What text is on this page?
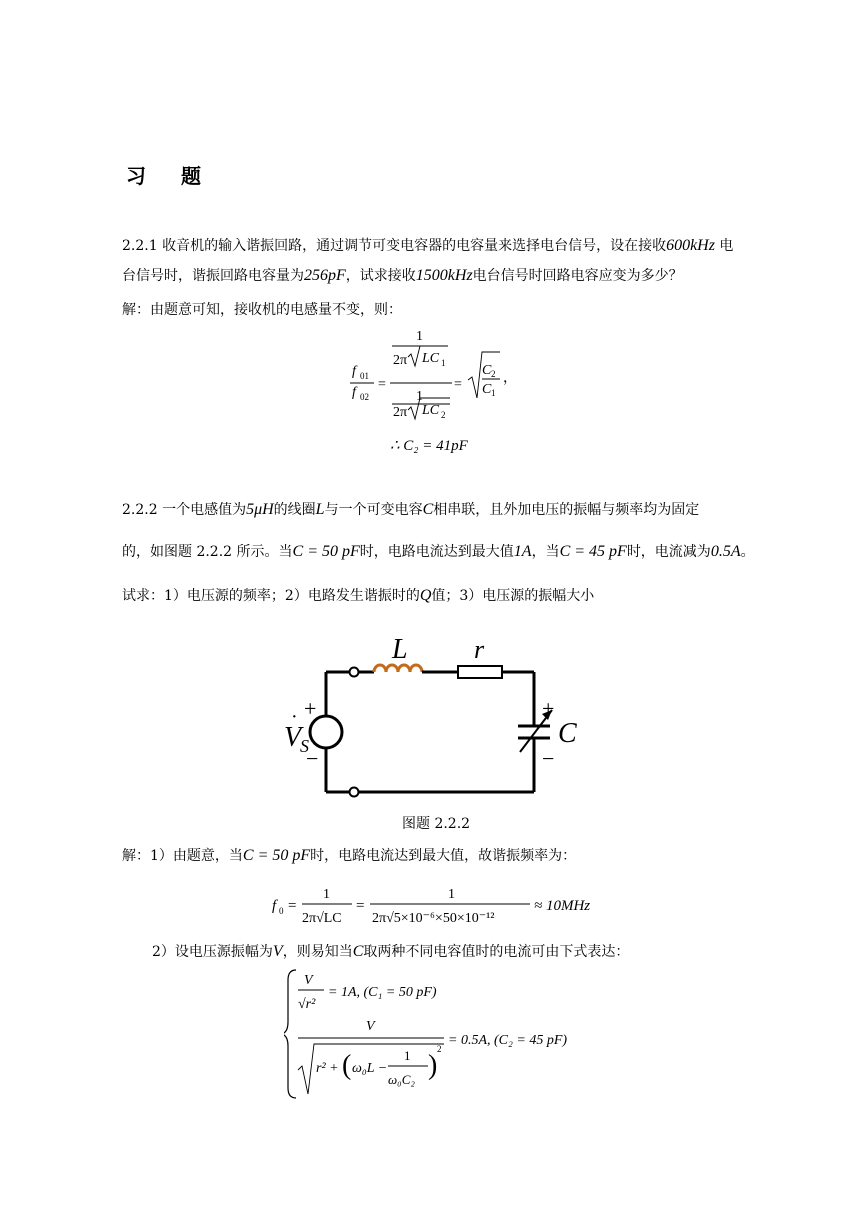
习 题
2.2.1 收音机的输入谐振回路，通过调节可变电容器的电容量来选择电台信号，设在接收600kHz 电
台信号时，谐振回路电容量为256pF，试求接收1500kHz电台信号时回路电容应变为多少？
解：由题意可知，接收机的电感量不变，则：
f 01
f 02
=
1
2π LC 1
1
2π LC 2
=
C 2
C 1
，
∴ C₂ = 41pF
2.2.2 一个电感值为5μH的线圈L与一个可变电容C相串联，且外加电压的振幅与频率均为固定
的，如图题 2.2.2 所示。当C = 50 pF时，电路电流达到最大值1A，当C = 45 pF时，电流减为0.5A。
试求：1）电压源的频率；2）电路发生谐振时的Q值；3）电压源的振幅大小
L	r
C
V
·
S
+
−
+
−
图题 2.2.2
解：1）由题意，当C = 50 pF时，电路电流达到最大值，故谐振频率为：
f 0 =
1
2π√LC
=
1
2π√5×10⁻⁶×50×10⁻¹²
≈ 10MHz
2）设电压源振幅为V，则易知当C取两种不同电容值时的电流可由下式表达：
V
√r²
= 1A, (C₁ = 50 pF)
V
r² + ( ω₀L −
1
ω₀C₂ )
2
= 0.5A, (C₂ = 45 pF)
